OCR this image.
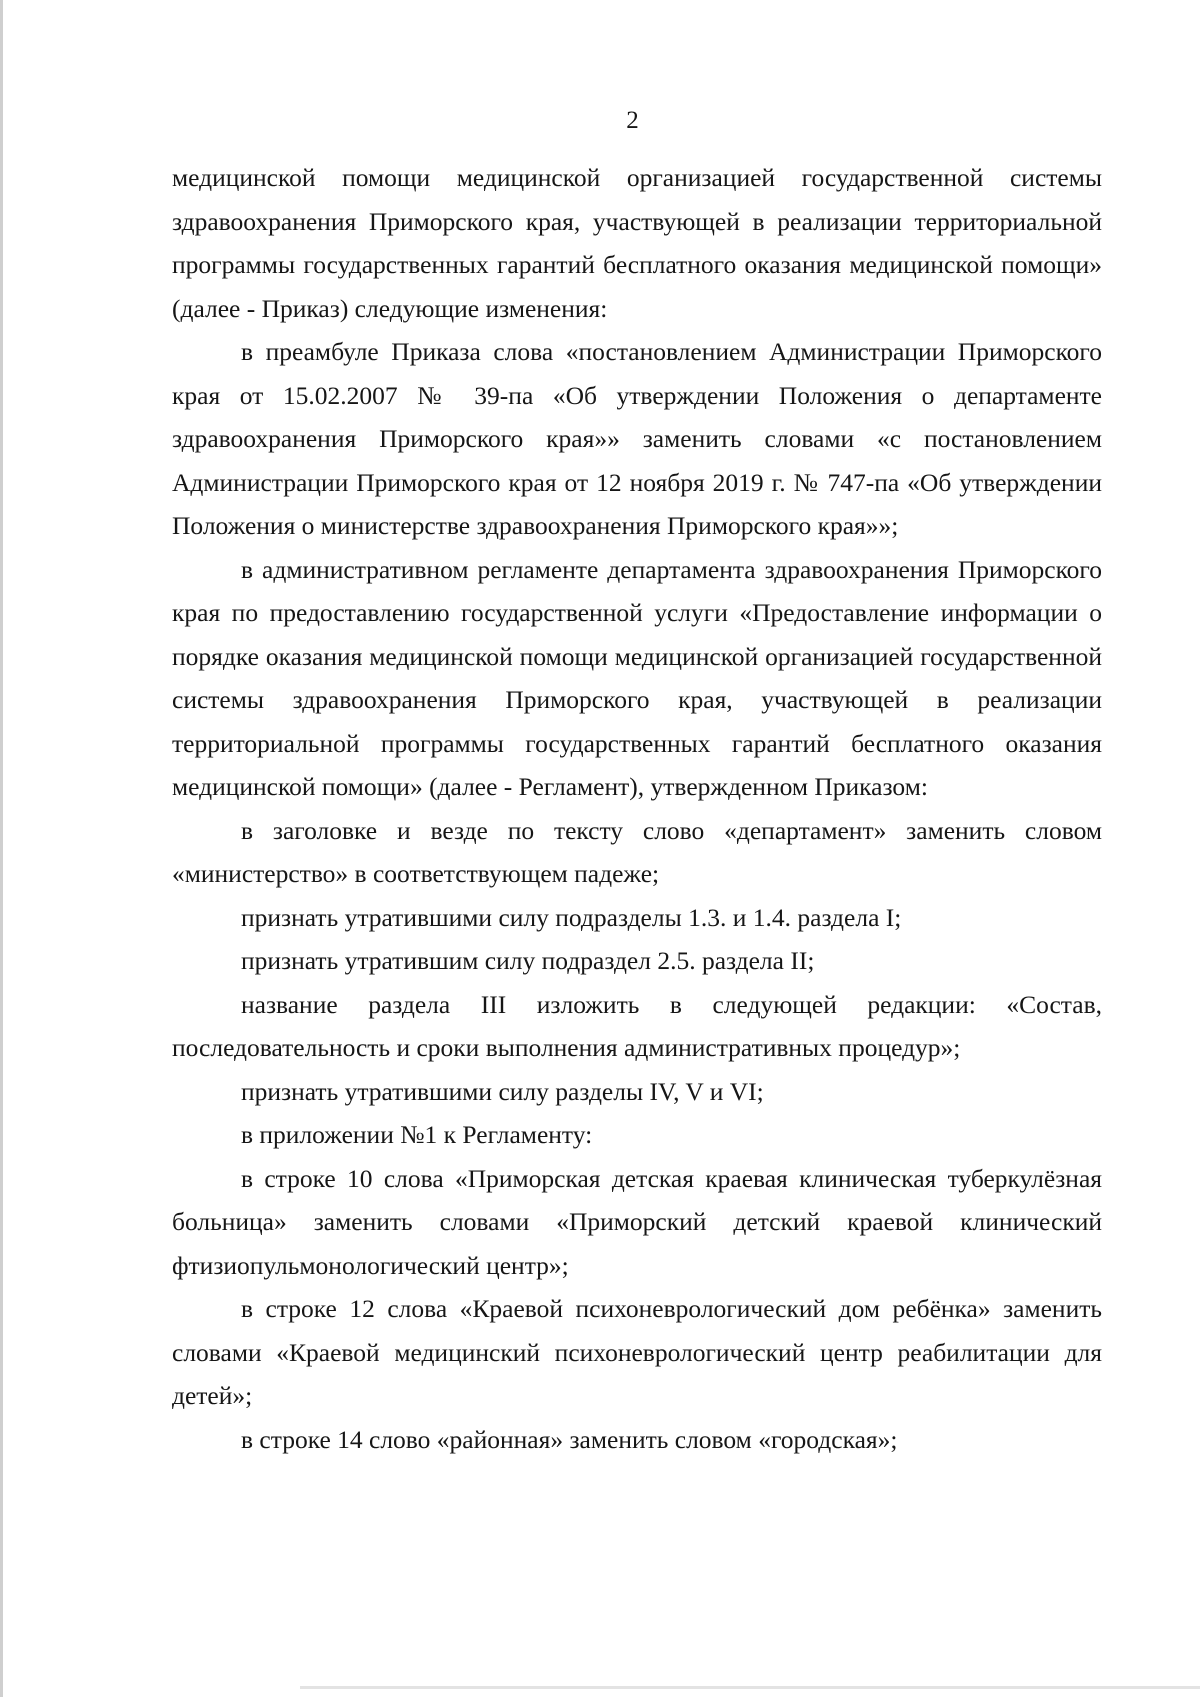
2

медицинской помощи медицинской организацией государственной системы здравоохранения Приморского края, участвующей в реализации территориальной программы государственных гарантий бесплатного оказания медицинской помощи» (далее - Приказ) следующие изменения:

в преамбуле Приказа слова «постановлением Администрации Приморского края от 15.02.2007 № 39-па «Об утверждении Положения о департаменте здравоохранения Приморского края»» заменить словами «с постановлением Администрации Приморского края от 12 ноября 2019 г. № 747-па «Об утверждении Положения о министерстве здравоохранения Приморского края»»;

в административном регламенте департамента здравоохранения Приморского края по предоставлению государственной услуги «Предоставление информации о порядке оказания медицинской помощи медицинской организацией государственной системы здравоохранения Приморского края, участвующей в реализации территориальной программы государственных гарантий бесплатного оказания медицинской помощи» (далее - Регламент), утвержденном Приказом:

в заголовке и везде по тексту слово «департамент» заменить словом «министерство» в соответствующем падеже;

признать утратившими силу подразделы 1.3. и 1.4. раздела I;

признать утратившим силу подраздел 2.5. раздела II;

название раздела III изложить в следующей редакции: «Состав, последовательность и сроки выполнения административных процедур»;

признать утратившими силу разделы IV, V и VI;

в приложении №1 к Регламенту:

в строке 10 слова «Приморская детская краевая клиническая туберкулёзная больница» заменить словами «Приморский детский краевой клинический фтизиопульмонологический центр»;

в строке 12 слова «Краевой психоневрологический дом ребёнка» заменить словами «Краевой медицинский психоневрологический центр реабилитации для детей»;

в строке 14 слово «районная» заменить словом «городская»;
